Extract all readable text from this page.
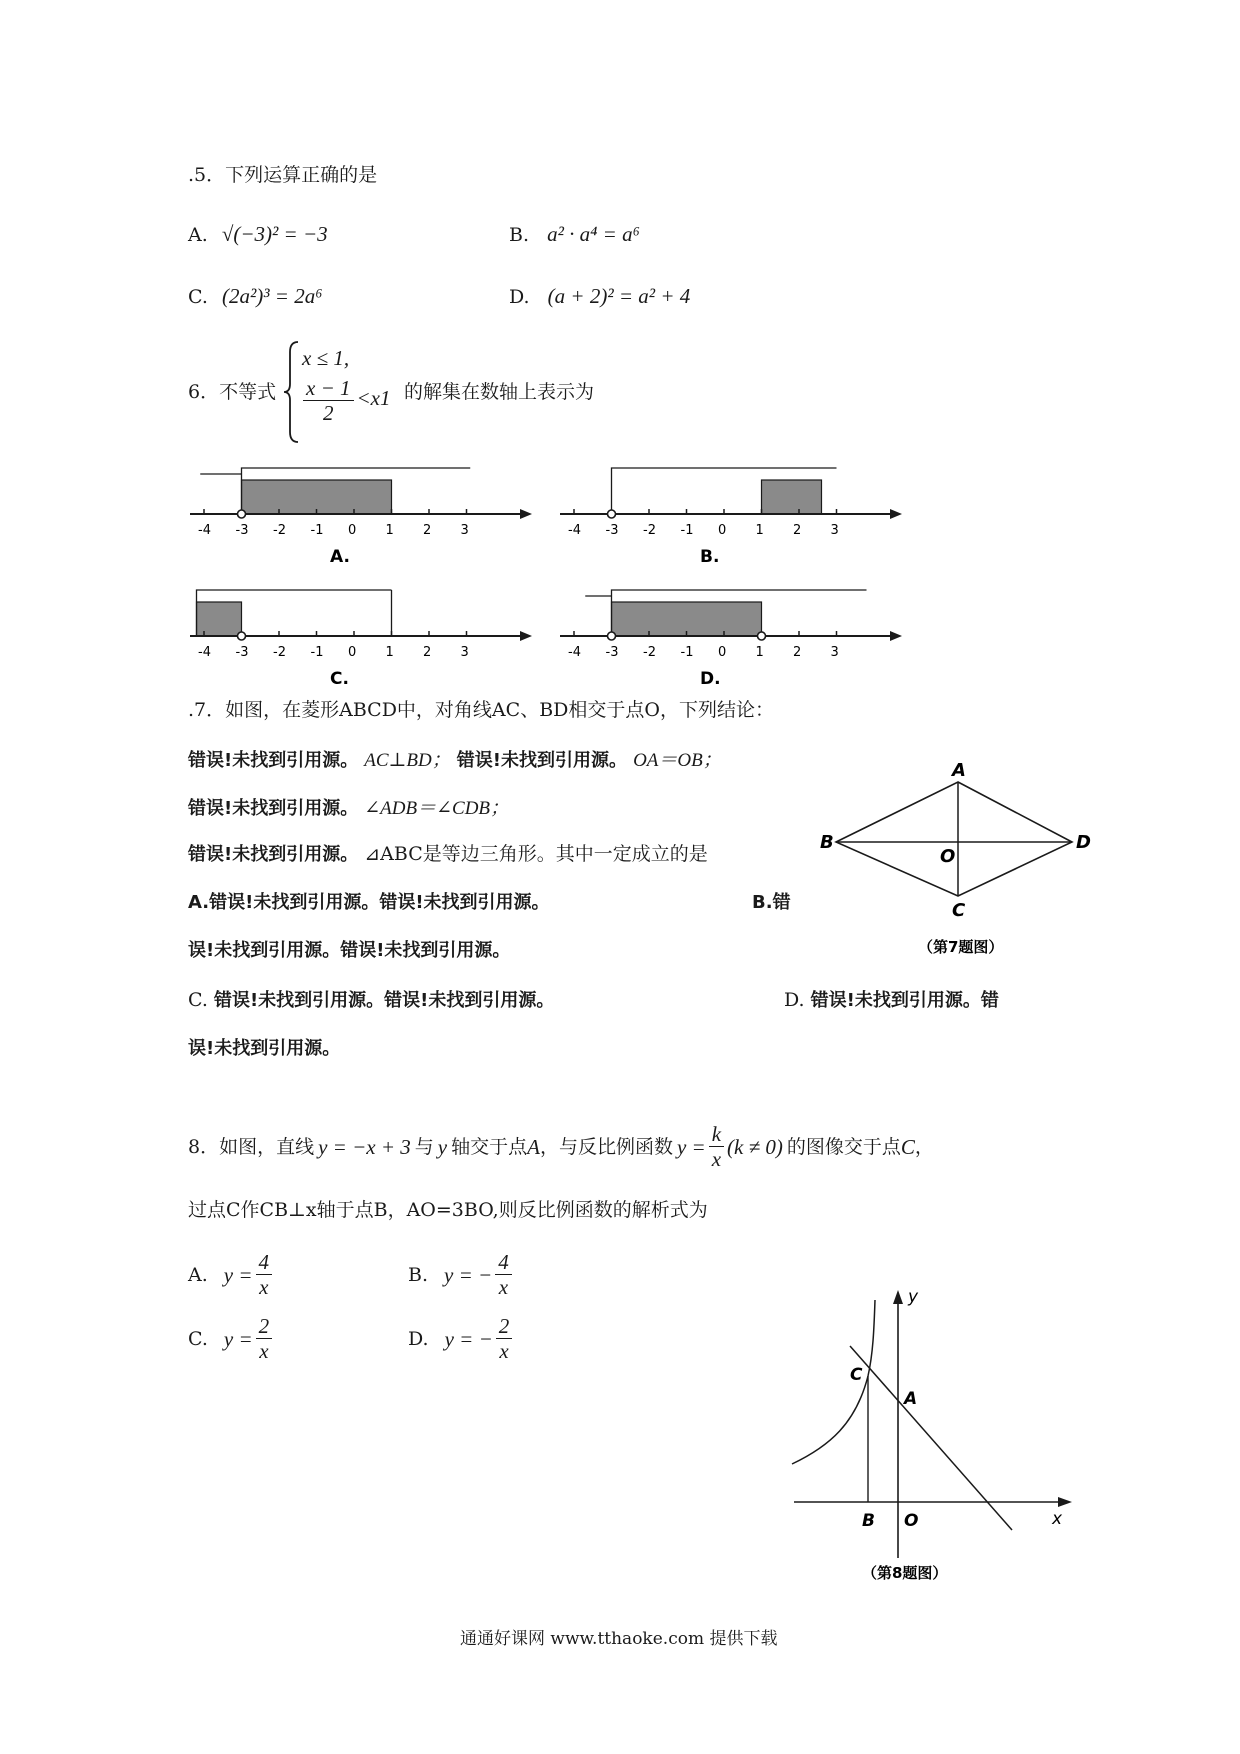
.5．下列运算正确的是
A. √(−3)² = −3	B. a² · a⁴ = a⁶
C. (2a²)³ = 2a⁶	D. (a + 2)² = a² + 4
6．不等式
x ≤ 1,
$\frac{x - 1}{2} <x1$ 的解集在数轴上表示为
-4 -3 -2 -1 0 1 2 3
A.
-4 -3 -2 -1 0 1 2 3
B.
-4 -3 -2 -1 0 1 2 3
C.
-4 -3 -2 -1 0 1 2 3
D.
.7．如图，在菱形ABCD中，对角线AC、BD相交于点O，下列结论：
错误!未找到引用源。 AC⊥BD； 错误!未找到引用源。 OA＝OB；
错误!未找到引用源。 ∠ADB＝∠CDB；
错误!未找到引用源。 ⊿ABC是等边三角形。其中一定成立的是
A.错误!未找到引用源。错误!未找到引用源。	B.错
误!未找到引用源。错误!未找到引用源。
C. 错误!未找到引用源。错误!未找到引用源。	D. 错误!未找到引用源。错
误!未找到引用源。
A
B
C
D
O
（第7题图）
8．如图，直线 y = −x + 3 与 y 轴交于点 A ，与反比例函数 $y = \frac{k}{x} (k \ne 0)$ 的图像交于点 C ，
过点C作CB⊥x轴于点B，AO=3BO,则反比例函数的解析式为
A. $y = \frac{4}{x}$	B. y = − $\frac{4}{x}$
C. $y = \frac{2}{x}$	D. y = − $\frac{2}{x}$
y
x
C
A
B O
（第8题图）
通通好课网 www.tthaoke.com 提供下载
